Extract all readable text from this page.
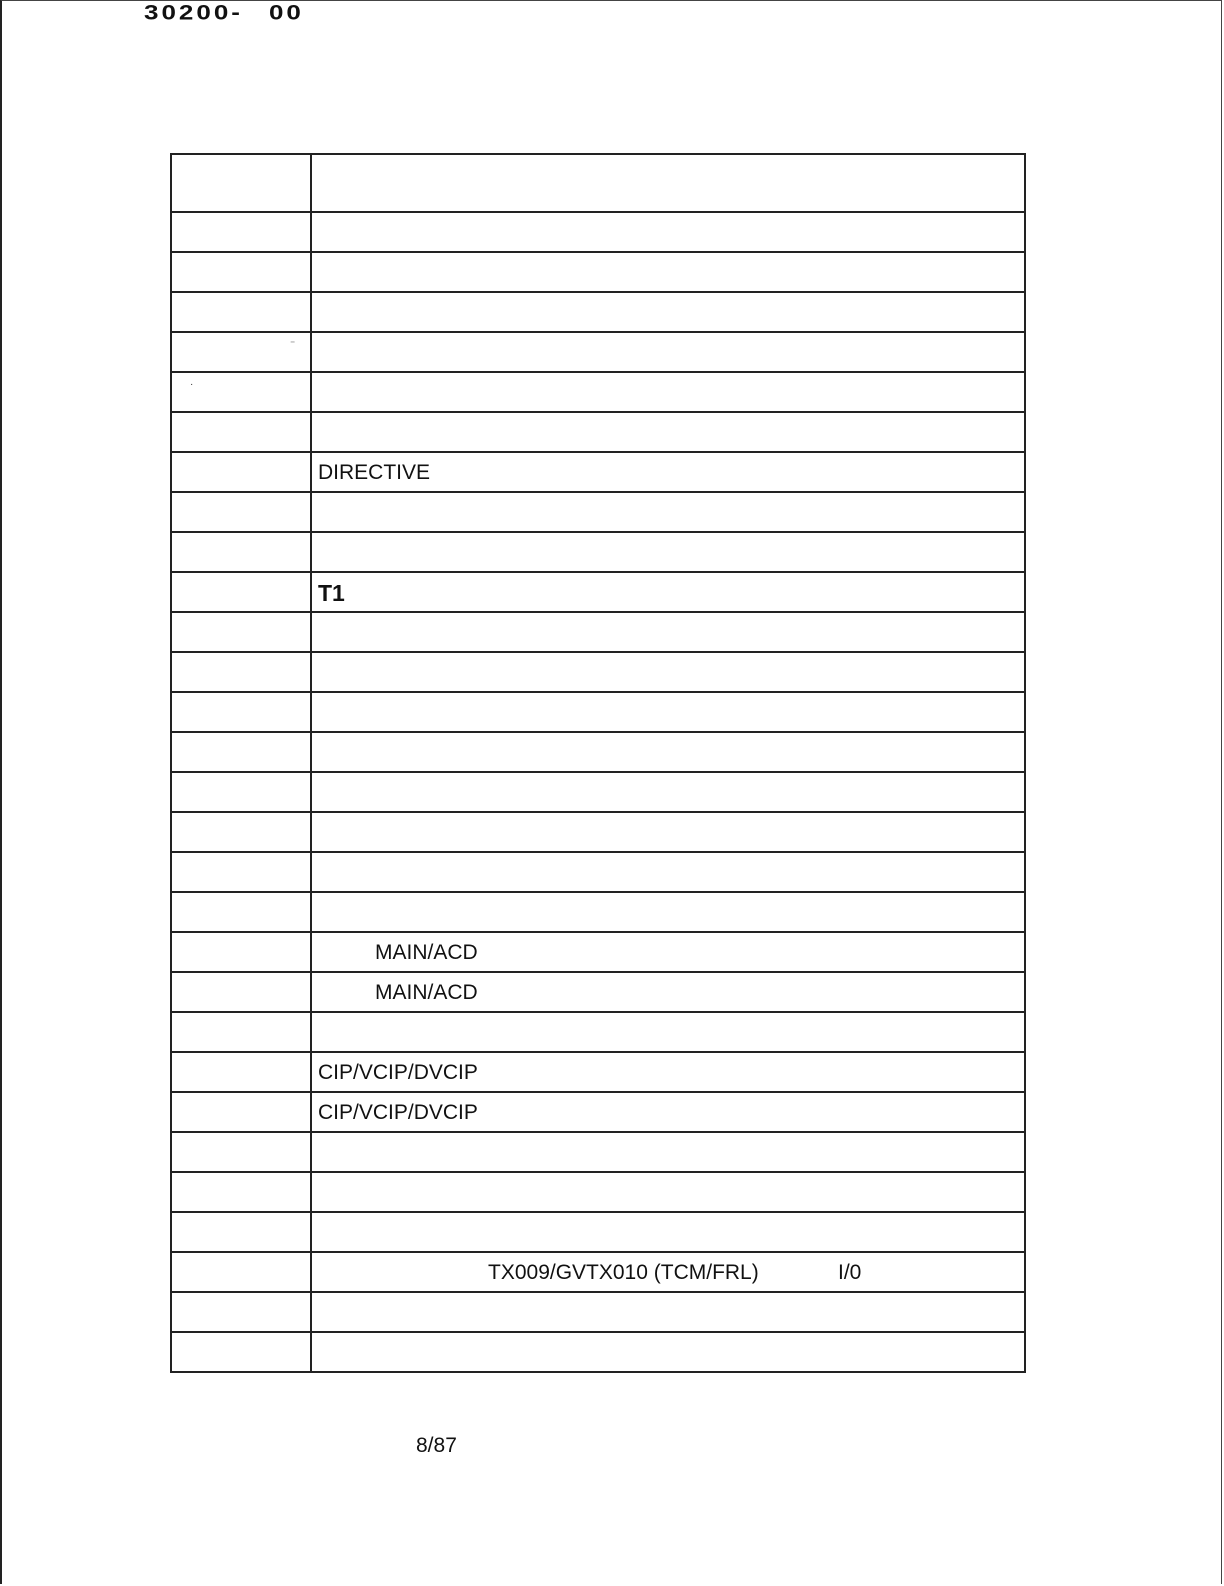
30200- 00
⁻
·
DIRECTIVE
T1
MAIN/ACD
MAIN/ACD
CIP/VCIP/DVCIP
CIP/VCIP/DVCIP
TX009/GVTX010 (TCM/FRL)	I/0
8/87
